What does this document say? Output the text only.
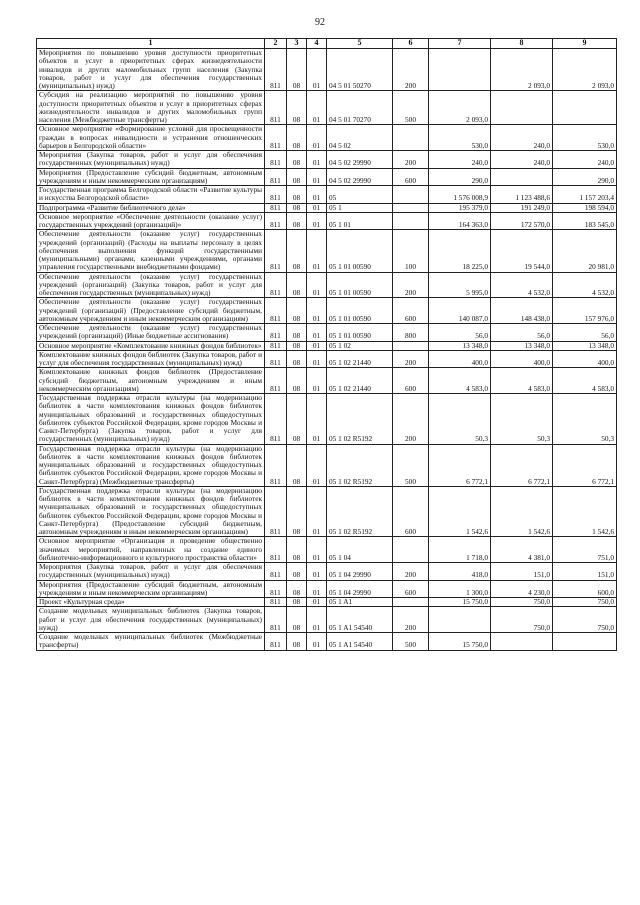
92
1	2	3	4	5	6	7	8	9
Мероприятия по повышению уровня доступности приоритетных объектов и услуг в приоритетных сферах жизнедеятельности инвалидов и других маломобильных групп населения (Закупка товаров, работ и услуг для обеспечения государственных (муниципальных) нужд)	811	08	01	04 5 01 50270	200		2 093,0	2 093,0
Субсидия на реализацию мероприятий по повышению уровня доступности приоритетных объектов и услуг в приоритетных сферах жизнедеятельности инвалидов и других маломобильных групп населения (Межбюджетные трансферты)	811	08	01	04 5 01 70270	500	2 093,0		
Основное мероприятие «Формирование условий для просвещенности граждан в вопросах инвалидности и устранения отношенческих барьеров в Белгородской области»	811	08	01	04 5 02		530,0	240,0	530,0
Мероприятия (Закупка товаров, работ и услуг для обеспечения государственных (муниципальных) нужд)	811	08	01	04 5 02 29990	200	240,0	240,0	240,0
Мероприятия (Предоставление субсидий бюджетным, автономным учреждениям и иным некоммерческим организациям)	811	08	01	04 5 02 29990	600	290,0		290,0
Государственная программа Белгородской области «Развитие культуры и искусства Белгородской области»	811	08	01	05		1 576 008,9	1 123 488,6	1 157 203,4
Подпрограмма «Развитие библиотечного дела»	811	08	01	05 1		195 379,0	191 249,0	198 594,0
Основное мероприятие «Обеспечение деятельности (оказание услуг) государственных учреждений (организаций)»	811	08	01	05 1 01		164 363,0	172 570,0	183 545,0
Обеспечение деятельности (оказание услуг) государственных учреждений (организаций) (Расходы на выплаты персоналу в целях обеспечения выполнения функций государственными (муниципальными) органами, казенными учреждениями, органами управления государственными внебюджетными фондами)	811	08	01	05 1 01 00590	100	18 225,0	19 544,0	20 981,0
Обеспечение деятельности (оказание услуг) государственных учреждений (организаций) (Закупка товаров, работ и услуг для обеспечения государственных (муниципальных) нужд)	811	08	01	05 1 01 00590	200	5 995,0	4 532,0	4 532,0
Обеспечение деятельности (оказание услуг) государственных учреждений (организаций) (Предоставление субсидий бюджетным, автономным учреждениям и иным некоммерческим организациям)	811	08	01	05 1 01 00590	600	140 087,0	148 438,0	157 976,0
Обеспечение деятельности (оказание услуг) государственных учреждений (организаций) (Иные бюджетные ассигнования)	811	08	01	05 1 01 00590	800	56,0	56,0	56,0
Основное мероприятие «Комплектование книжных фондов библиотек»	811	08	01	05 1 02		13 348,0	13 348,0	13 348,0
Комплектование книжных фондов библиотек (Закупка товаров, работ и услуг для обеспечения государственных (муниципальных) нужд)	811	08	01	05 1 02 21440	200	400,0	400,0	400,0
Комплектование книжных фондов библиотек (Предоставление субсидий бюджетным, автономным учреждениям и иным некоммерческим организациям)	811	08	01	05 1 02 21440	600	4 583,0	4 583,0	4 583,0
Государственная поддержка отрасли культуры (на модернизацию библиотек в части комплектования книжных фондов библиотек муниципальных образований и государственных общедоступных библиотек субъектов Российской Федерации, кроме городов Москвы и Санкт-Петербурга) (Закупка товаров, работ и услуг для государственных (муниципальных) нужд)	811	08	01	05 1 02 R5192	200	50,3	50,3	50,3
Государственная поддержка отрасли культуры (на модернизацию библиотек в части комплектования книжных фондов библиотек муниципальных образований и государственных общедоступных библиотек субъектов Российской Федерации, кроме городов Москвы и Санкт-Петербурга) (Межбюджетные трансферты)	811	08	01	05 1 02 R5192	500	6 772,1	6 772,1	6 772,1
Государственная поддержка отрасли культуры (на модернизацию библиотек в части комплектования книжных фондов библиотек муниципальных образований и государственных общедоступных библиотек субъектов Российской Федерации, кроме городов Москвы и Санкт-Петербурга) (Предоставление субсидий бюджетным, автономным учреждениям и иным некоммерческим организациям)	811	08	01	05 1 02 R5192	600	1 542,6	1 542,6	1 542,6
Основное мероприятие «Организация и проведение общественно значимых мероприятий, направленных на создание единого библиотечно-информационного и культурного пространства области»	811	08	01	05 1 04		1 718,0	4 381,0	751,0
Мероприятия (Закупка товаров, работ и услуг для обеспечения государственных (муниципальных) нужд)	811	08	01	05 1 04 29990	200	418,0	151,0	151,0
Мероприятия (Предоставление субсидий бюджетным, автономным учреждениям и иным некоммерческим организациям)	811	08	01	05 1 04 29990	600	1 300,0	4 230,0	600,0
Проект «Культурная среда»	811	08	01	05 1 A1		15 750,0	750,0	750,0
Создание модельных муниципальных библиотек (Закупка товаров, работ и услуг для обеспечения государственных (муниципальных) нужд)	811	08	01	05 1 A1 54540	200		750,0	750,0
Создание модельных муниципальных библиотек (Межбюджетные трансферты)	811	08	01	05 1 A1 54540	500	15 750,0		
